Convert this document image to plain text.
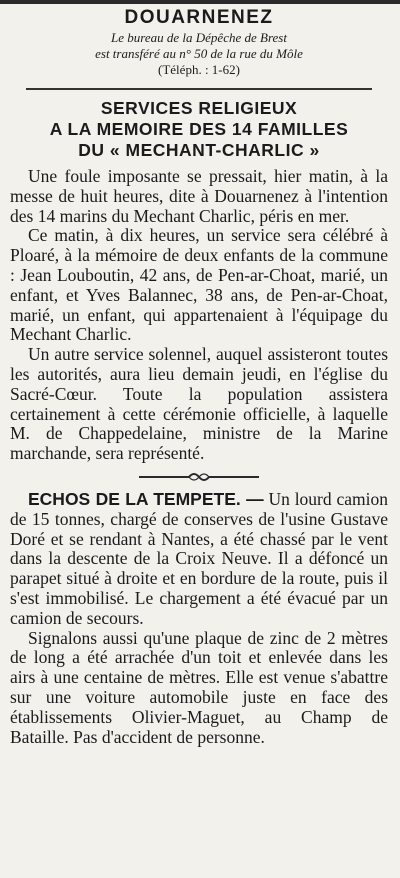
DOUARNENEZ
Le bureau de la Dépêche de Brest
est transféré au n° 50 de la rue du Môle
(Téléph. : 1-62)
SERVICES RELIGIEUX
A LA MEMOIRE DES 14 FAMILLES
DU « MECHANT-CHARLIC »

Une foule imposante se pressait, hier matin, à la messe de huit heures, dite à Douarnenez à l'intention des 14 marins du Mechant Charlic, péris en mer.

Ce matin, à dix heures, un service sera célébré à Ploaré, à la mémoire de deux enfants de la commune : Jean Louboutin, 42 ans, de Pen-ar-Choat, marié, un enfant, et Yves Balannec, 38 ans, de Pen-ar-Choat, marié, un enfant, qui appartenaient à l'équipage du Mechant Charlic.

Un autre service solennel, auquel assisteront toutes les autorités, aura lieu demain jeudi, en l'église du Sacré-Cœur. Toute la population assistera certainement à cette cérémonie officielle, à laquelle M. de Chappedelaine, ministre de la Marine marchande, sera représenté.

ECHOS DE LA TEMPETE. — Un lourd camion de 15 tonnes, chargé de conserves de l'usine Gustave Doré et se rendant à Nantes, a été chassé par le vent dans la descente de la Croix Neuve. Il a défoncé un parapet situé à droite et en bordure de la route, puis il s'est immobilisé. Le chargement a été évacué par un camion de secours.

Signalons aussi qu'une plaque de zinc de 2 mètres de long a été arrachée d'un toit et enlevée dans les airs à une centaine de mètres. Elle est venue s'abattre sur une voiture automobile juste en face des établissements Olivier-Maguet, au Champ de Bataille. Pas d'accident de personne.
